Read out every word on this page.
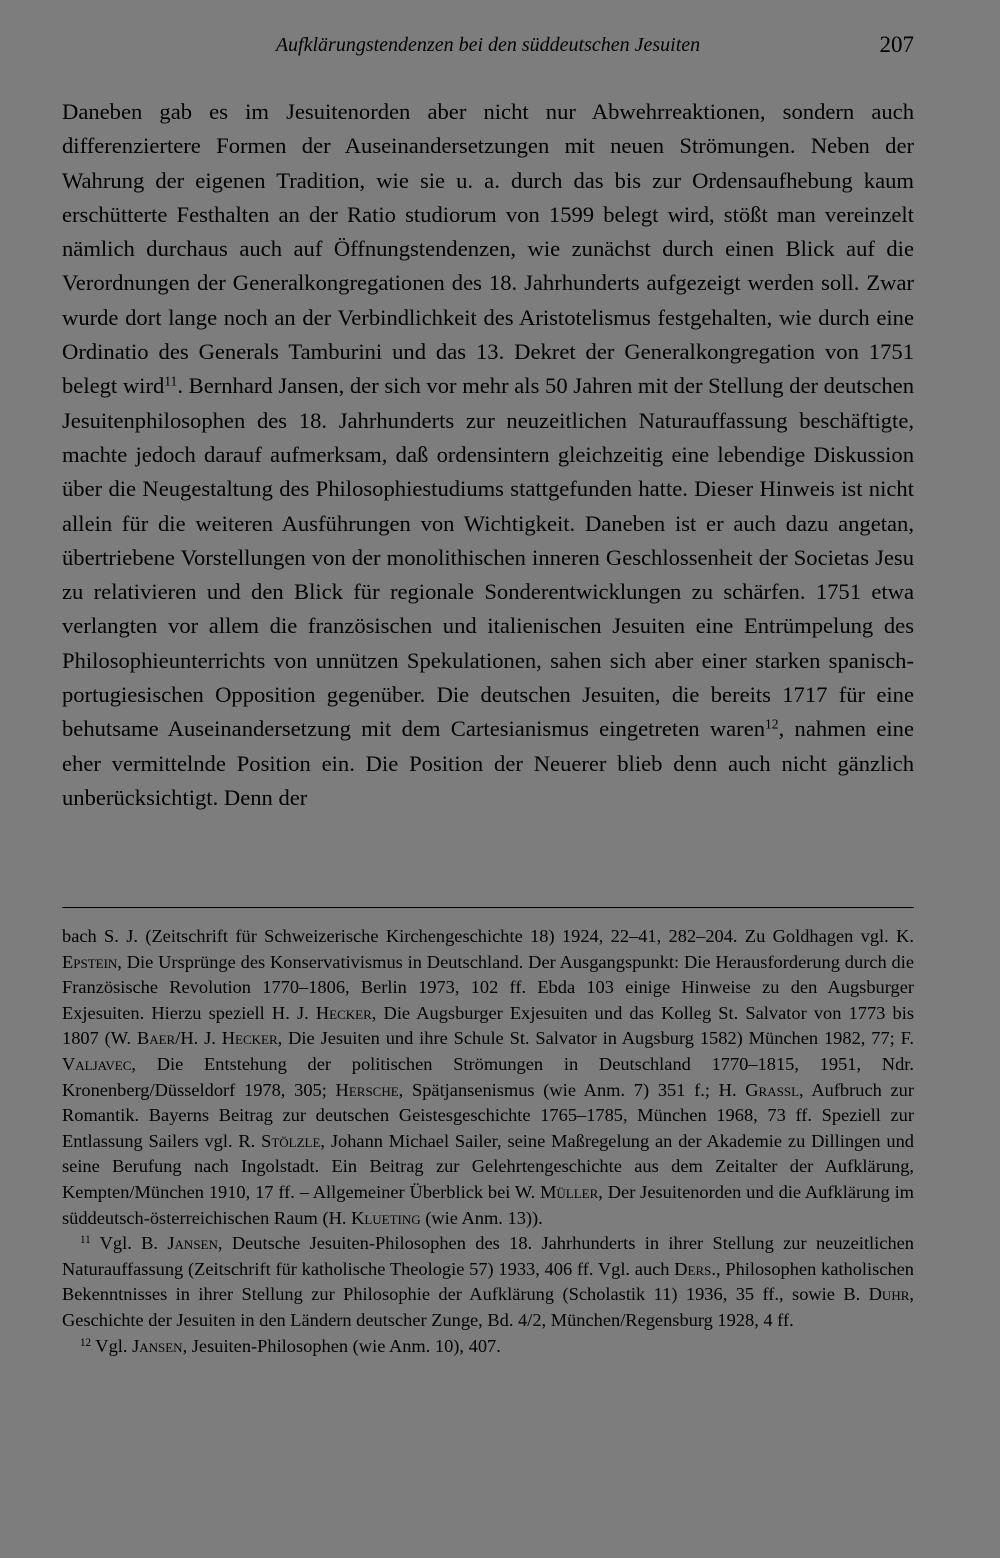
Aufklärungstendenzen bei den süddeutschen Jesuiten	207

Daneben gab es im Jesuitenorden aber nicht nur Abwehrreaktionen, sondern auch differenziertere Formen der Auseinandersetzungen mit neuen Strömungen. Neben der Wahrung der eigenen Tradition, wie sie u. a. durch das bis zur Ordensaufhebung kaum erschütterte Festhalten an der Ratio studiorum von 1599 belegt wird, stößt man vereinzelt nämlich durchaus auch auf Öffnungstendenzen, wie zunächst durch einen Blick auf die Verordnungen der Generalkongregationen des 18. Jahrhunderts aufgezeigt werden soll. Zwar wurde dort lange noch an der Verbindlichkeit des Aristotelismus festgehalten, wie durch eine Ordinatio des Generals Tamburini und das 13. Dekret der Generalkongregation von 1751 belegt wird$^{11}$. Bernhard Jansen, der sich vor mehr als 50 Jahren mit der Stellung der deutschen Jesuitenphilosophen des 18. Jahrhunderts zur neuzeitlichen Naturauffassung beschäftigte, machte jedoch darauf aufmerksam, daß ordensintern gleichzeitig eine lebendige Diskussion über die Neugestaltung des Philosophiestudiums stattgefunden hatte. Dieser Hinweis ist nicht allein für die weiteren Ausführungen von Wichtigkeit. Daneben ist er auch dazu angetan, übertriebene Vorstellungen von der monolithischen inneren Geschlossenheit der Societas Jesu zu relativieren und den Blick für regionale Sonderentwicklungen zu schärfen. 1751 etwa verlangten vor allem die französischen und italienischen Jesuiten eine Entrümpelung des Philosophieunterrichts von unnützen Spekulationen, sahen sich aber einer starken spanisch-portugiesischen Opposition gegenüber. Die deutschen Jesuiten, die bereits 1717 für eine behutsame Auseinandersetzung mit dem Cartesianismus eingetreten waren$^{12}$, nahmen eine eher vermittelnde Position ein. Die Position der Neuerer blieb denn auch nicht gänzlich unberücksichtigt. Denn der

bach S. J. (Zeitschrift für Schweizerische Kirchengeschichte 18) 1924, 22–41, 282–204. Zu Goldhagen vgl. K. Epstein, Die Ursprünge des Konservativismus in Deutschland. Der Ausgangspunkt: Die Herausforderung durch die Französische Revolution 1770–1806, Berlin 1973, 102 ff. Ebda 103 einige Hinweise zu den Augsburger Exjesuiten. Hierzu speziell H. J. Hecker, Die Augsburger Exjesuiten und das Kolleg St. Salvator von 1773 bis 1807 (W. Baer/H. J. Hecker, Die Jesuiten und ihre Schule St. Salvator in Augsburg 1582) München 1982, 77; F. Valjavec, Die Entstehung der politischen Strömungen in Deutschland 1770–1815, 1951, Ndr. Kronenberg/Düsseldorf 1978, 305; Hersche, Spätjansenismus (wie Anm. 7) 351 f.; H. Grassl, Aufbruch zur Romantik. Bayerns Beitrag zur deutschen Geistesgeschichte 1765–1785, München 1968, 73 ff. Speziell zur Entlassung Sailers vgl. R. Stölzle, Johann Michael Sailer, seine Maßregelung an der Akademie zu Dillingen und seine Berufung nach Ingolstadt. Ein Beitrag zur Gelehrtengeschichte aus dem Zeitalter der Aufklärung, Kempten/München 1910, 17 ff. – Allgemeiner Überblick bei W. Müller, Der Jesuitenorden und die Aufklärung im süddeutsch-österreichischen Raum (H. Klueting (wie Anm. 13)).

$^{11}$ Vgl. B. Jansen, Deutsche Jesuiten-Philosophen des 18. Jahrhunderts in ihrer Stellung zur neuzeitlichen Naturauffassung (Zeitschrift für katholische Theologie 57) 1933, 406 ff. Vgl. auch Ders., Philosophen katholischen Bekenntnisses in ihrer Stellung zur Philosophie der Aufklärung (Scholastik 11) 1936, 35 ff., sowie B. Duhr, Geschichte der Jesuiten in den Ländern deutscher Zunge, Bd. 4/2, München/Regensburg 1928, 4 ff.

$^{12}$ Vgl. Jansen, Jesuiten-Philosophen (wie Anm. 10), 407.
